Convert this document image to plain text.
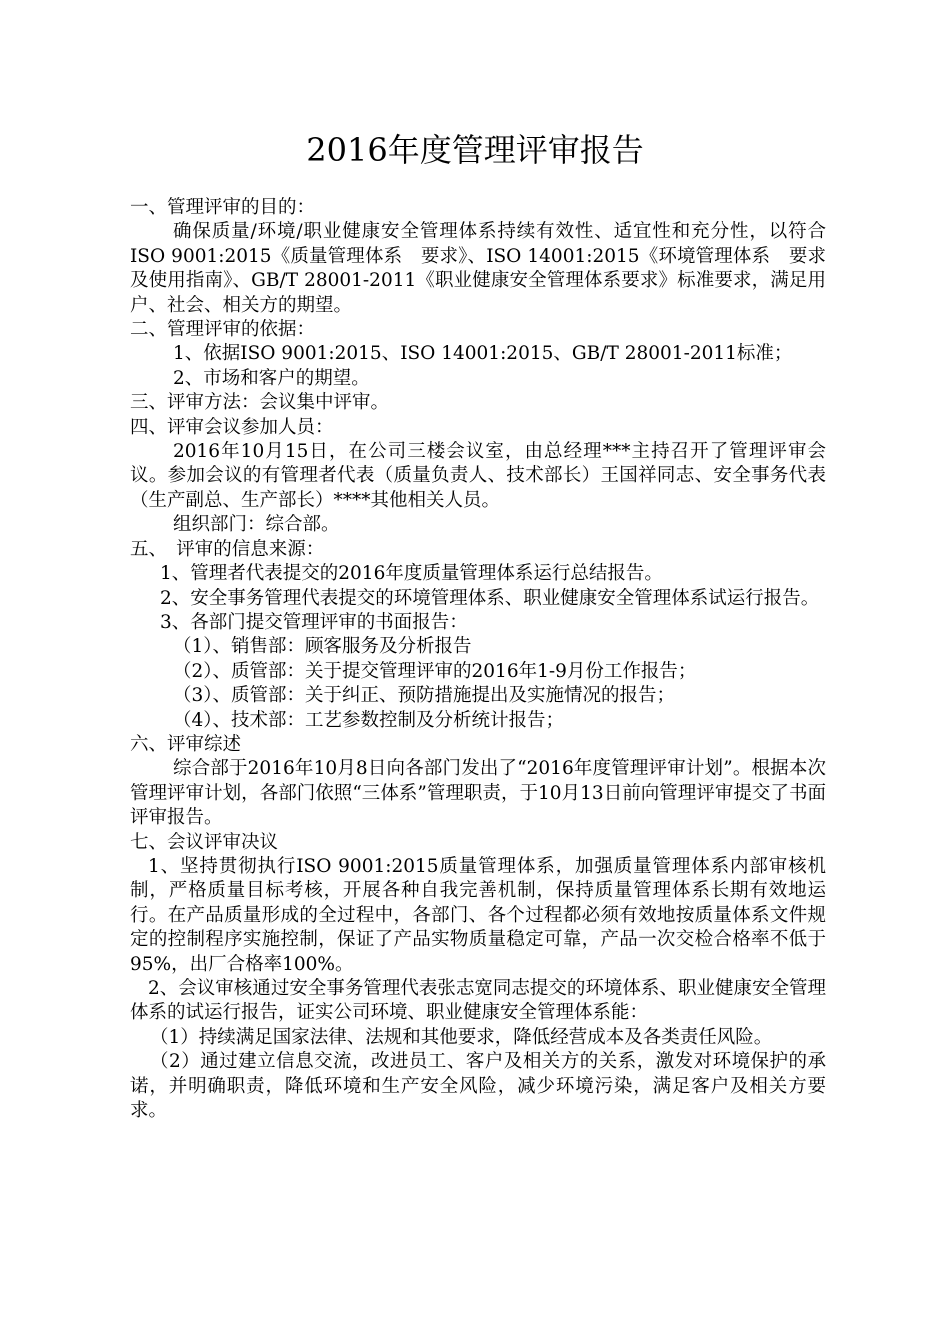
2016年度管理评审报告

一、管理评审的目的：

确保质量/环境/职业健康安全管理体系持续有效性、适宜性和充分性，以符合ISO 9001:2015《质量管理体系　要求》、ISO 14001:2015《环境管理体系　要求及使用指南》、GB/T 28001-2011《职业健康安全管理体系要求》标准要求，满足用户、社会、相关方的期望。

二、管理评审的依据：

1、依据ISO 9001:2015、ISO 14001:2015、GB/T 28001-2011标准；

2、市场和客户的期望。

三、评审方法：会议集中评审。

四、评审会议参加人员：

2016年10月15日，在公司三楼会议室，由总经理***主持召开了管理评审会议。参加会议的有管理者代表（质量负责人、技术部长）王国祥同志、安全事务代表（生产副总、生产部长）****其他相关人员。

组织部门：综合部。

五、　评审的信息来源：

1、管理者代表提交的2016年度质量管理体系运行总结报告。

2、安全事务管理代表提交的环境管理体系、职业健康安全管理体系试运行报告。

3、各部门提交管理评审的书面报告：

（1）、销售部：顾客服务及分析报告

（2）、质管部：关于提交管理评审的2016年1-9月份工作报告；

（3）、质管部：关于纠正、预防措施提出及实施情况的报告；

（4）、技术部：工艺参数控制及分析统计报告；

六、评审综述

综合部于2016年10月8日向各部门发出了“2016年度管理评审计划”。根据本次管理评审计划，各部门依照“三体系”管理职责，于10月13日前向管理评审提交了书面评审报告。

七、会议评审决议

1、坚持贯彻执行ISO 9001:2015质量管理体系，加强质量管理体系内部审核机制，严格质量目标考核，开展各种自我完善机制，保持质量管理体系长期有效地运行。在产品质量形成的全过程中，各部门、各个过程都必须有效地按质量体系文件规定的控制程序实施控制，保证了产品实物质量稳定可靠，产品一次交检合格率不低于95%，出厂合格率100%。

2、会议审核通过安全事务管理代表张志宽同志提交的环境体系、职业健康安全管理体系的试运行报告，证实公司环境、职业健康安全管理体系能：

（1）持续满足国家法律、法规和其他要求，降低经营成本及各类责任风险。

（2）通过建立信息交流，改进员工、客户及相关方的关系，激发对环境保护的承诺，并明确职责，降低环境和生产安全风险，减少环境污染，满足客户及相关方要求。
